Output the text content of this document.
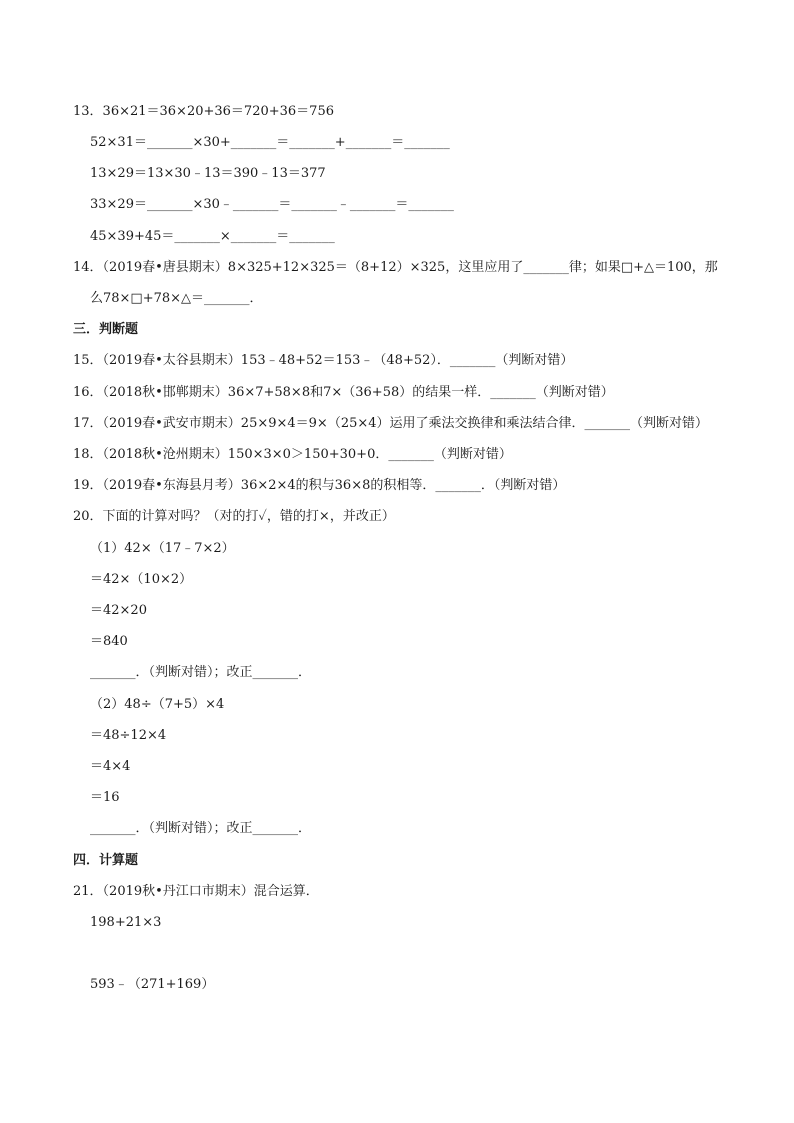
13．36×21＝36×20+36＝720+36＝756
52×31＝_______×30+_______＝_______+_______＝_______
13×29＝13×30﹣13＝390﹣13＝377
33×29＝_______×30﹣_______＝_______﹣_______＝_______
45×39+45＝_______×_______＝_______
14．（2019春•唐县期末）8×325+12×325＝（8+12）×325，这里应用了_______律；如果□+△＝100，那
么78×□+78×△＝_______．
三．判断题
15．（2019春•太谷县期末）153﹣48+52＝153﹣（48+52）．_______（判断对错）
16．（2018秋•邯郸期末）36×7+58×8和7×（36+58）的结果一样．_______（判断对错）
17．（2019春•武安市期末）25×9×4＝9×（25×4）运用了乘法交换律和乘法结合律．_______（判断对错）
18．（2018秋•沧州期末）150×3×0＞150+30+0．_______（判断对错）
19．（2019春•东海县月考）36×2×4的积与36×8的积相等．_______．（判断对错）
20．下面的计算对吗？（对的打✓，错的打×，并改正）
（1）42×（17﹣7×2）
＝42×（10×2）
＝42×20
＝840
_______．（判断对错）；改正_______．
（2）48÷（7+5）×4
＝48÷12×4
＝4×4
＝16
_______．（判断对错）；改正_______．
四．计算题
21．（2019秋•丹江口市期末）混合运算．
198+21×3
593﹣（271+169）
